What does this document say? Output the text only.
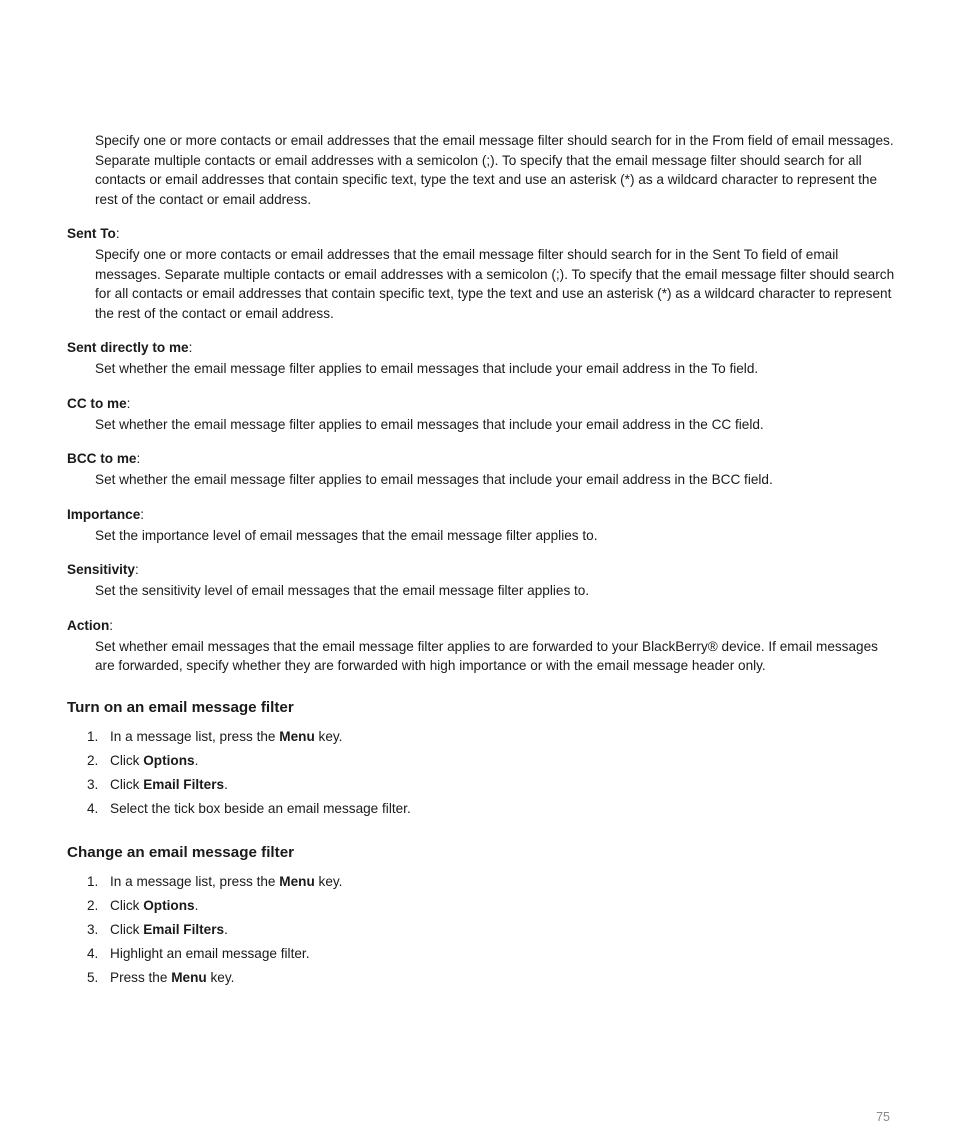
Specify one or more contacts or email addresses that the email message filter should search for in the From field of email messages. Separate multiple contacts or email addresses with a semicolon (;). To specify that the email message filter should search for all contacts or email addresses that contain specific text, type the text and use an asterisk (*) as a wildcard character to represent the rest of the contact or email address.

Sent To:

Specify one or more contacts or email addresses that the email message filter should search for in the Sent To field of email messages. Separate multiple contacts or email addresses with a semicolon (;). To specify that the email message filter should search for all contacts or email addresses that contain specific text, type the text and use an asterisk (*) as a wildcard character to represent the rest of the contact or email address.

Sent directly to me:

Set whether the email message filter applies to email messages that include your email address in the To field.

CC to me:

Set whether the email message filter applies to email messages that include your email address in the CC field.

BCC to me:

Set whether the email message filter applies to email messages that include your email address in the BCC field.

Importance:

Set the importance level of email messages that the email message filter applies to.

Sensitivity:

Set the sensitivity level of email messages that the email message filter applies to.

Action:

Set whether email messages that the email message filter applies to are forwarded to your BlackBerry® device. If email messages are forwarded, specify whether they are forwarded with high importance or with the email message header only.

Turn on an email message filter
1. In a message list, press the Menu key.
2. Click Options.
3. Click Email Filters.
4. Select the tick box beside an email message filter.
Change an email message filter
1. In a message list, press the Menu key.
2. Click Options.
3. Click Email Filters.
4. Highlight an email message filter.
5. Press the Menu key.
75
